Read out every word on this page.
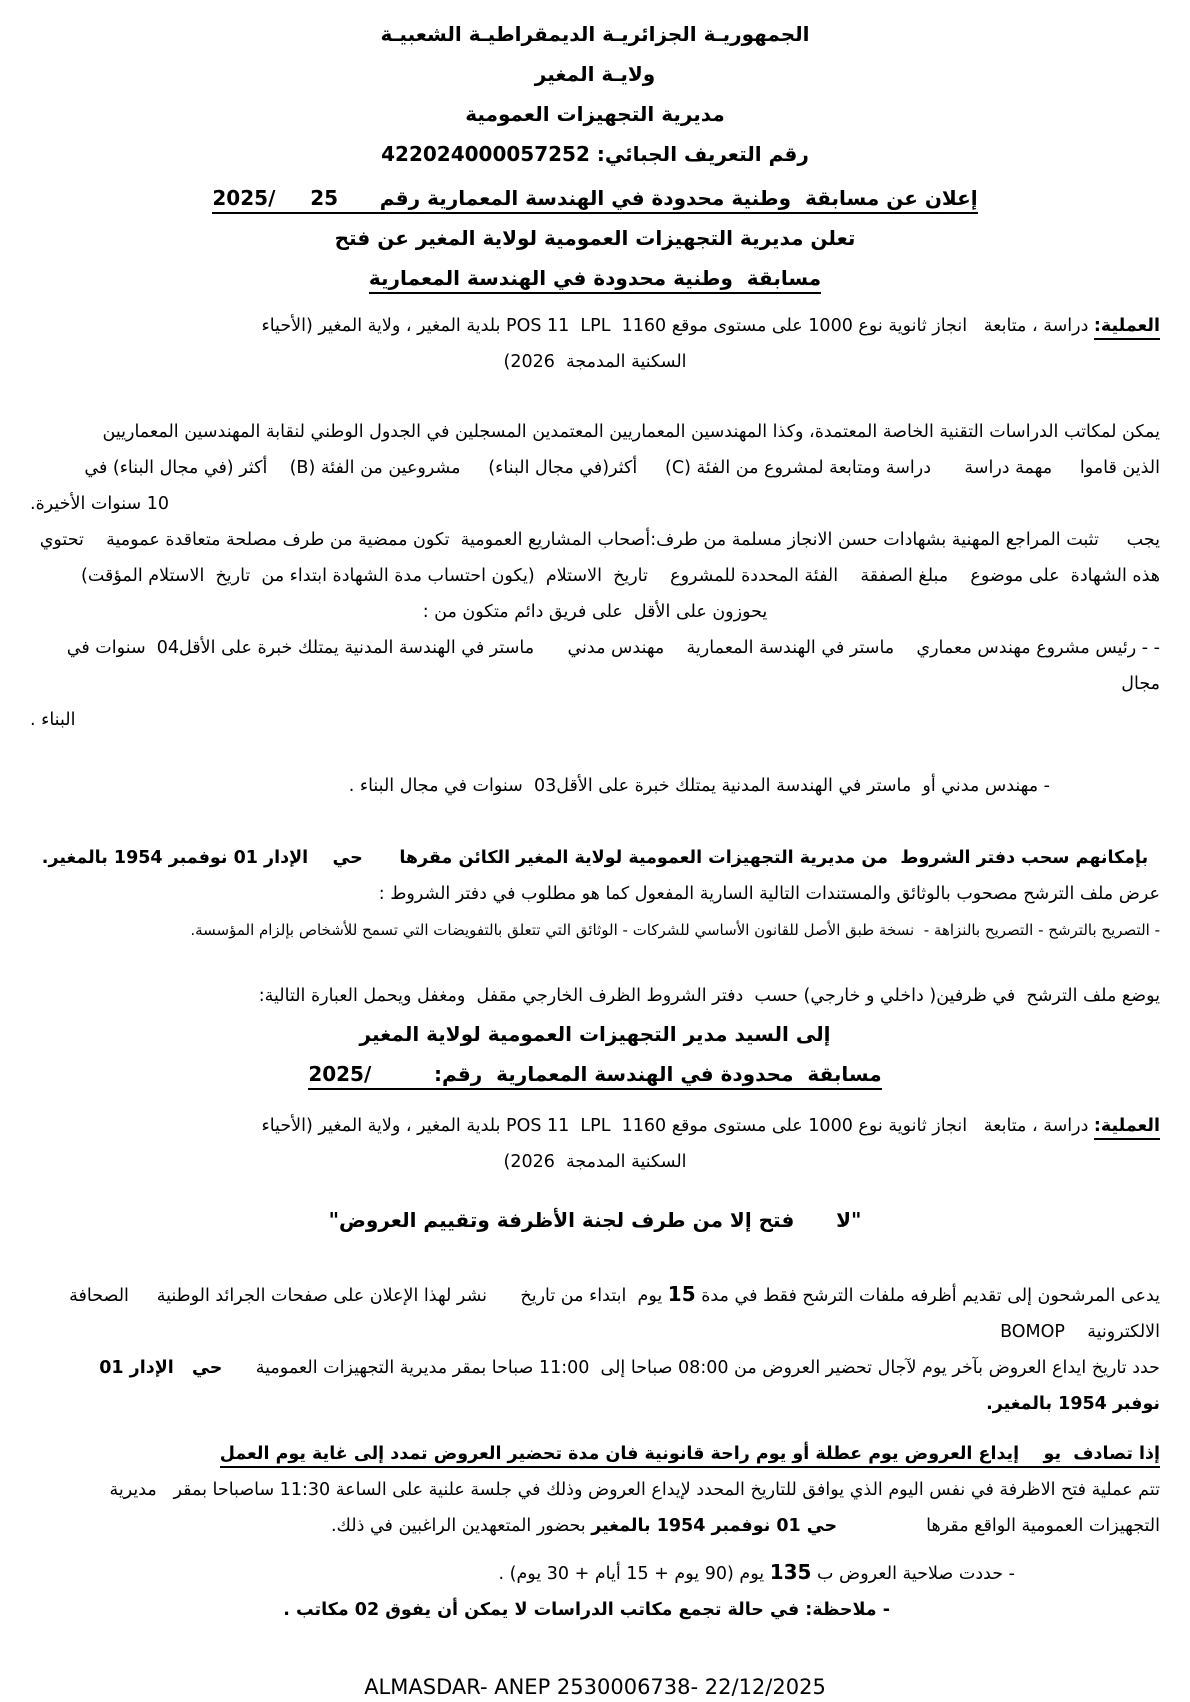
الجمهوريـة الجزائريـة الديمقراطيـة الشعبيـة

ولايـة المغير

مديرية التجهيزات العمومية

رقم التعريف الجبائي: 422024000057252

إعلان عن مسابقة  وطنية محدودة في الهندسة المعمارية رقم      25     /2025

تعلن مديرية التجهيزات العمومية لولاية المغير عن فتح

مسابقة  وطنية محدودة في الهندسة المعمارية

العملية: دراسة ، متابعة   انجاز ثانوية نوع 1000 على مستوى موقع POS 11  LPL  1160 بلدية المغير ، ولاية المغير (الأحياء

السكنية المدمجة  2026)

يمكن لمكاتب الدراسات التقنية الخاصة المعتمدة، وكذا المهندسين المعماريين المعتمدين المسجلين في الجدول الوطني لنقابة المهندسين المعماريين

الذين قاموا     مهمة دراسة      دراسة ومتابعة لمشروع من الفئة (C)     أكثر(في مجال البناء)     مشروعين من الفئة (B)    أكثر (في مجال البناء) في

10 سنوات الأخيرة.

يجب     تثبت المراجع المهنية بشهادات حسن الانجاز مسلمة من طرف:أصحاب المشاريع العمومية  تكون ممضية من طرف مصلحة متعاقدة عمومية    تحتوي

هذه الشهادة  على موضوع    مبلغ الصفقة    الفئة المحددة للمشروع    تاريخ  الاستلام  (يكون احتساب مدة الشهادة ابتداء من  تاريخ  الاستلام المؤقت)

يحوزون على الأقل  على فريق دائم متكون من :

- - رئيس مشروع مهندس معماري    ماستر في الهندسة المعمارية    مهندس مدني      ماستر في الهندسة المدنية يمتلك خبرة على الأقل04  سنوات في مجال

البناء .

- مهندس مدني أو  ماستر في الهندسة المدنية يمتلك خبرة على الأقل03  سنوات في مجال البناء .

بإمكانهم سحب دفتر الشروط  من مديرية التجهيزات العمومية لولاية المغير الكائن مقرها      حي    الإدار 01 نوفمبر 1954 بالمغير.

عرض ملف الترشح مصحوب بالوثائق والمستندات التالية السارية المفعول كما هو مطلوب في دفتر الشروط :

- التصريح بالترشح - التصريح بالنزاهة -  نسخة طبق الأصل للقانون الأساسي للشركات - الوثائق التي تتعلق بالتفويضات التي تسمح للأشخاص بإلزام المؤسسة.

يوضع ملف الترشح  في ظرفين( داخلي و خارجي) حسب  دفتر الشروط الظرف الخارجي مقفل  ومغفل ويحمل العبارة التالية:

إلى السيد مدير التجهيزات العمومية لولاية المغير

مسابقة  محدودة في الهندسة المعمارية  رقم:         /2025

العملية: دراسة ، متابعة   انجاز ثانوية نوع 1000 على مستوى موقع POS 11  LPL  1160 بلدية المغير ، ولاية المغير (الأحياء

السكنية المدمجة  2026)

"لا      فتح إلا من طرف لجنة الأظرفة وتقييم العروض"

يدعى المرشحون إلى تقديم أظرفه ملفات الترشح فقط في مدة 15 يوم  ابتداء من تاريخ      نشر لهذا الإعلان على صفحات الجرائد الوطنية     الصحافة

الالكترونية    BOMOP

حدد تاريخ ايداع العروض بآخر يوم لآجال تحضير العروض من 08:00 صباحا إلى  11:00 صباحا بمقر مديرية التجهيزات العمومية      حي   الإدار 01

نوفبر 1954 بالمغير.

إذا تصادف  يو    إيداع العروض يوم عطلة أو يوم راحة قانونية فان مدة تحضير العروض تمدد إلى غاية يوم العمل

تتم عملية فتح الاظرفة في نفس اليوم الذي يوافق للتاريخ المحدد لإيداع العروض وذلك في جلسة علنية على الساعة 11:30 ساصباحا بمقر   مديرية

التجهيزات العمومية الواقع مقرها                حي 01 نوفمبر 1954 بالمغير بحضور المتعهدين الراغبين في ذلك.

- حددت صلاحية العروض ب 135 يوم (90 يوم + 15 أيام + 30 يوم) .

- ملاحظة: في حالة تجمع مكاتب الدراسات لا يمكن أن يفوق 02 مكاتب .

ALMASDAR- ANEP 2530006738- 22/12/2025
